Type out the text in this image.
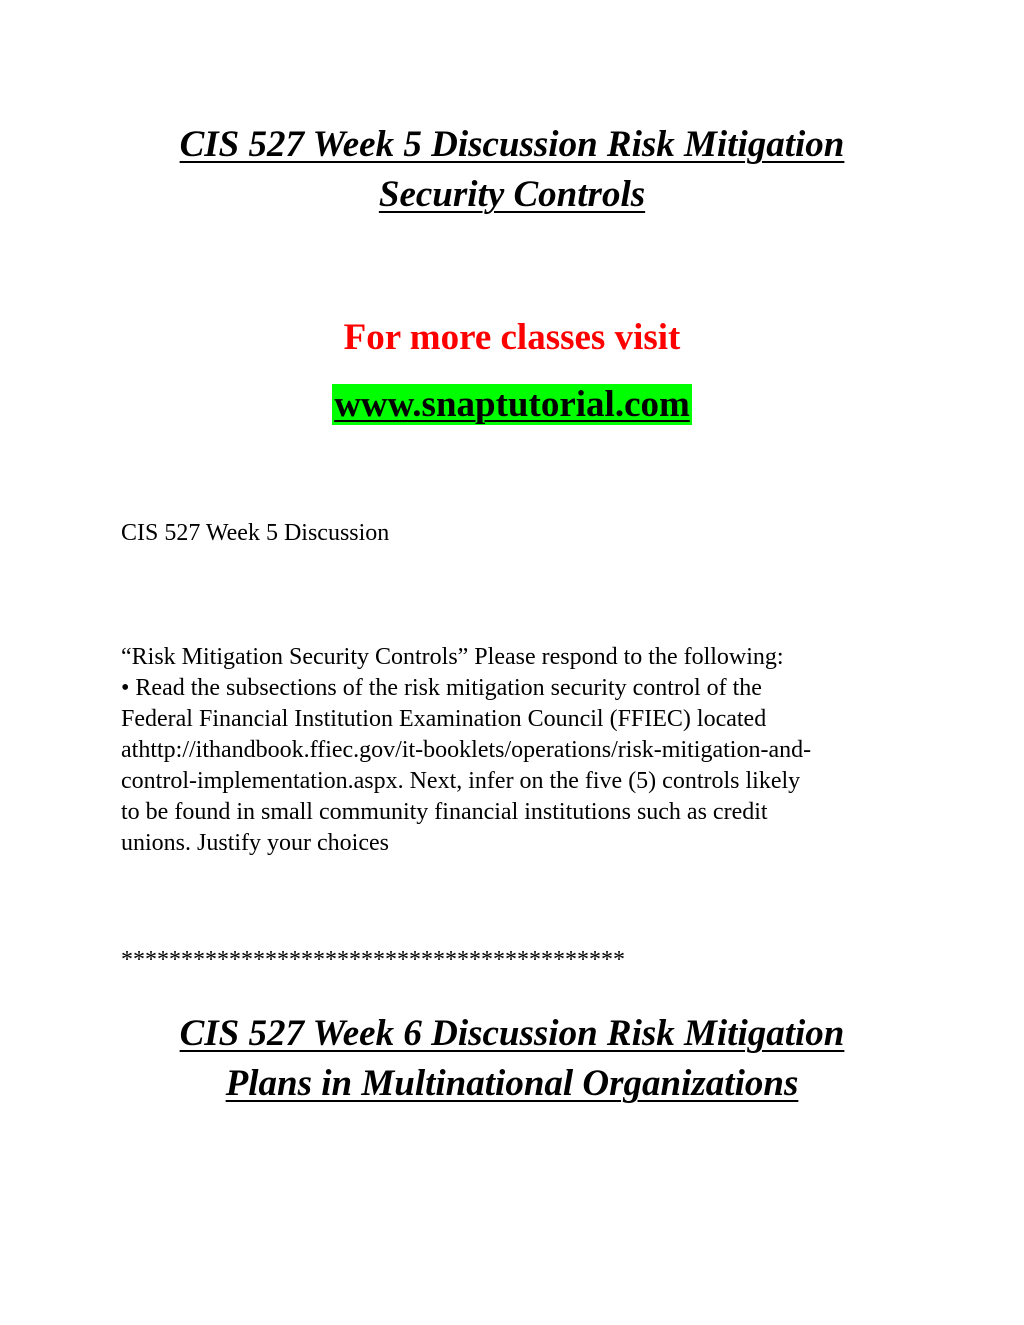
CIS 527 Week 5 Discussion Risk Mitigation
Security Controls

For more classes visit

www.snaptutorial.com

CIS 527 Week 5 Discussion

“Risk Mitigation Security Controls” Please respond to the following:
• Read the subsections of the risk mitigation security control of the
Federal Financial Institution Examination Council (FFIEC) located
athttp://ithandbook.ffiec.gov/it-booklets/operations/risk-mitigation-and-
control-implementation.aspx. Next, infer on the five (5) controls likely
to be found in small community financial institutions such as credit
unions. Justify your choices

******************************************

CIS 527 Week 6 Discussion Risk Mitigation
Plans in Multinational Organizations
